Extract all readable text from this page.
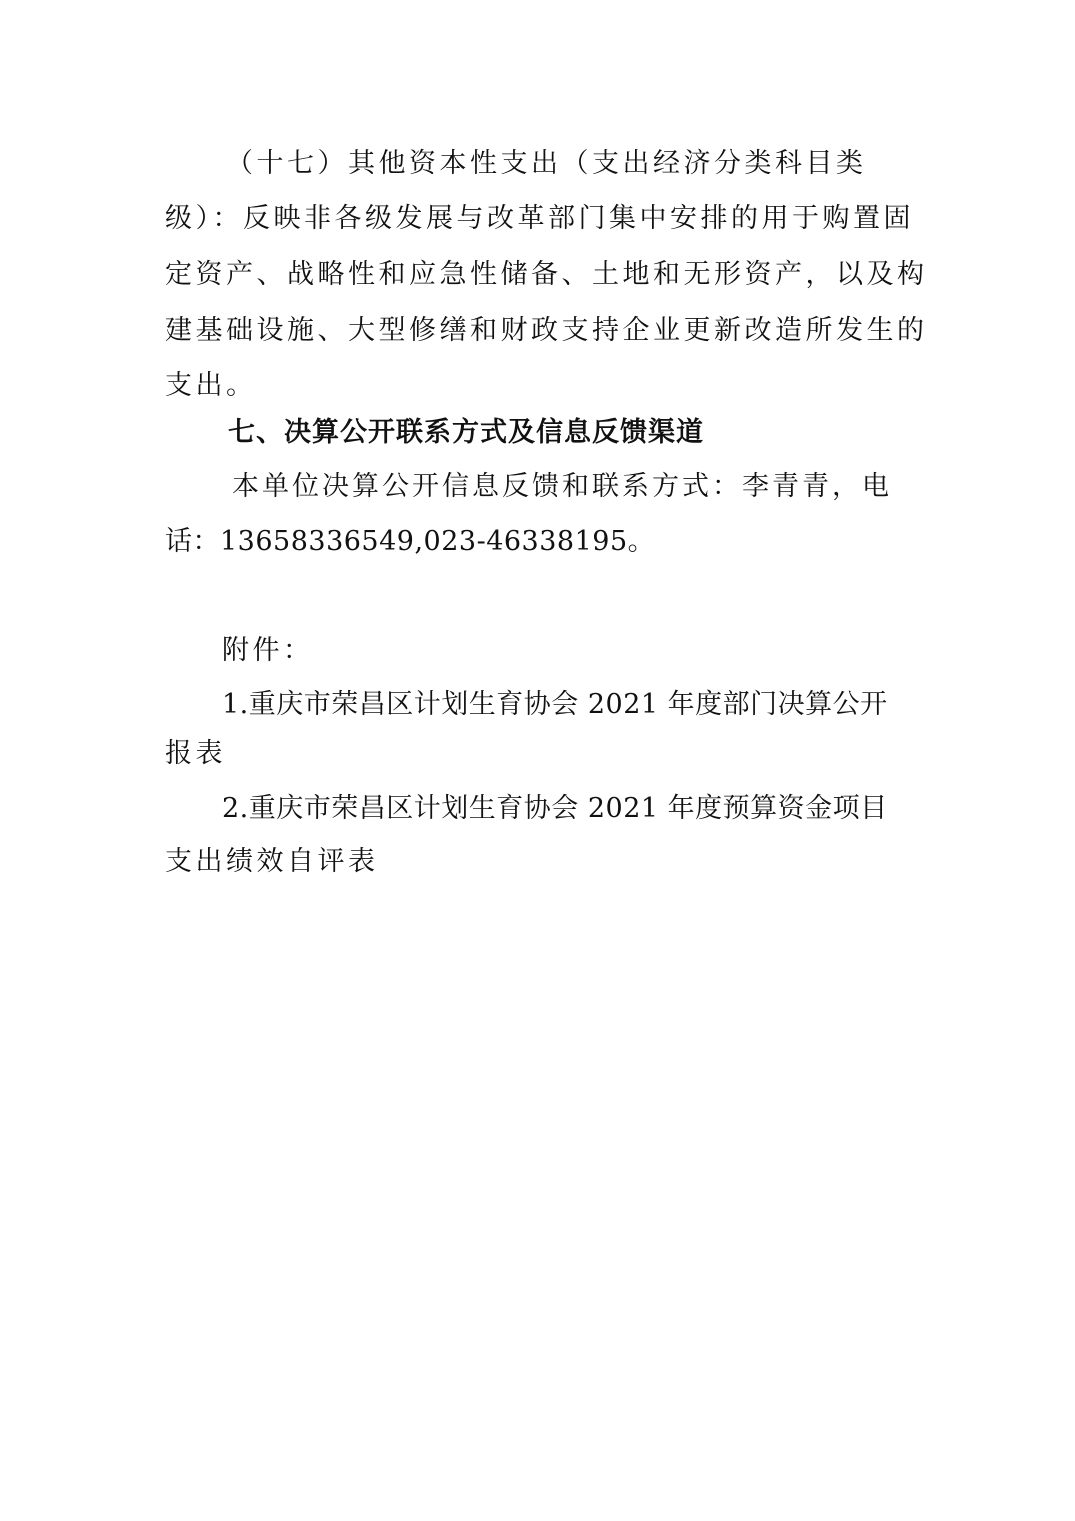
（十七）其他资本性支出（支出经济分类科目类
级）：反映非各级发展与改革部门集中安排的用于购置固
定资产、战略性和应急性储备、土地和无形资产，以及构
建基础设施、大型修缮和财政支持企业更新改造所发生的
支出。
七、决算公开联系方式及信息反馈渠道
本单位决算公开信息反馈和联系方式：李青青，电
话：13658336549,023-46338195。
附件：
1.重庆市荣昌区计划生育协会 2021 年度部门决算公开
报表
2.重庆市荣昌区计划生育协会 2021 年度预算资金项目
支出绩效自评表
